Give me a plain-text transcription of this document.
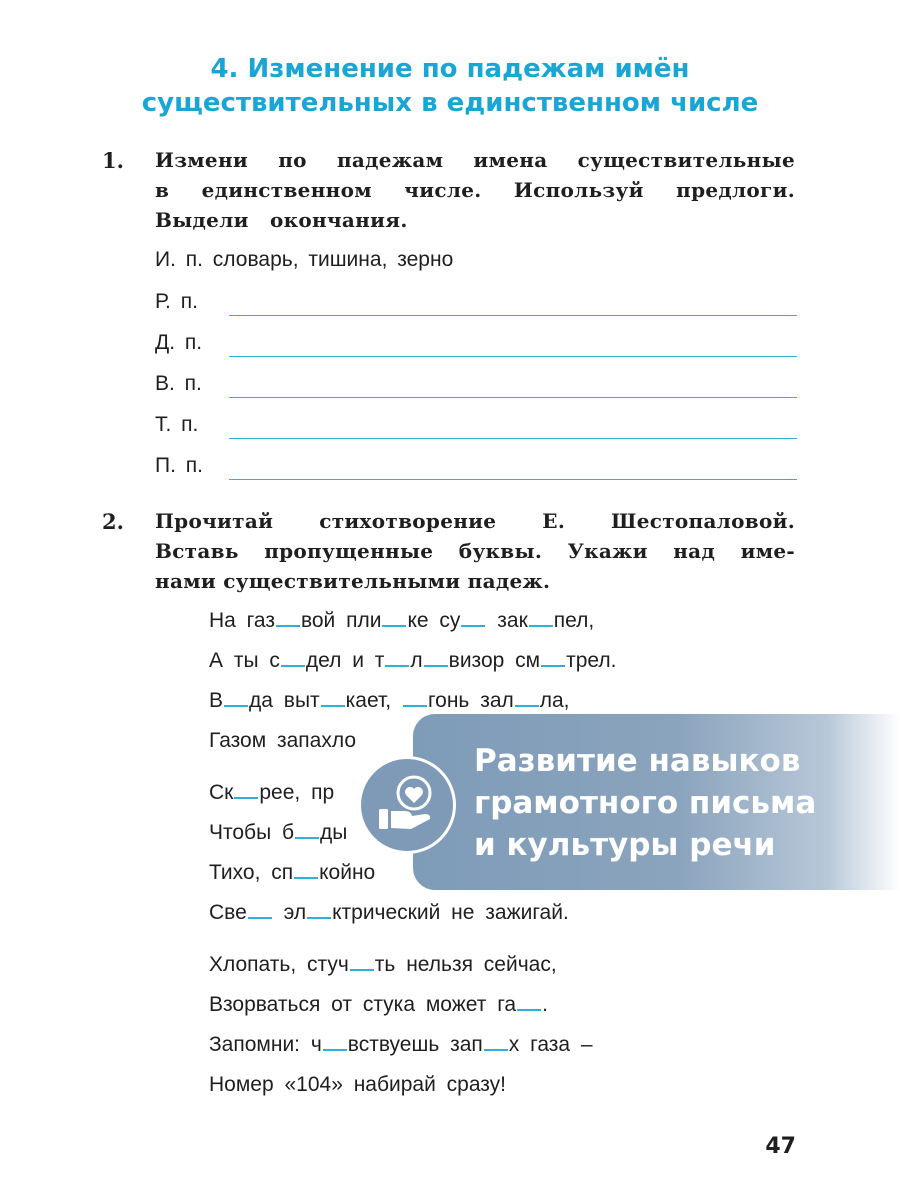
4. Изменение по падежам имён
существительных в единственном числе
1. Измени по падежам имена существительные
в единственном числе. Используй предлоги.
Выдели окончания.
И. п. словарь, тишина, зерно
Р. п.
Д. п.
В. п.
Т. п.
П. п.
2. Прочитай стихотворение Е. Шестопаловой.
Вставь пропущенные буквы. Укажи над име-
нами существительными падеж.
На газ вой пли ке су зак пел,
А ты с дел и т л визор см трел.
В да выт кает, гонь зал ла,
Газом запахло
Ск рее, пр
Чтобы б ды
Тихо, сп койно
Све эл ктрический не зажигай.
Хлопать, стуч ть нельзя сейчас,
Взорваться от стука может га .
Запомни: ч вствуешь зап х газа –
Номер «104» набирай сразу!
Развитие навыков
грамотного письма
и культуры речи
47
